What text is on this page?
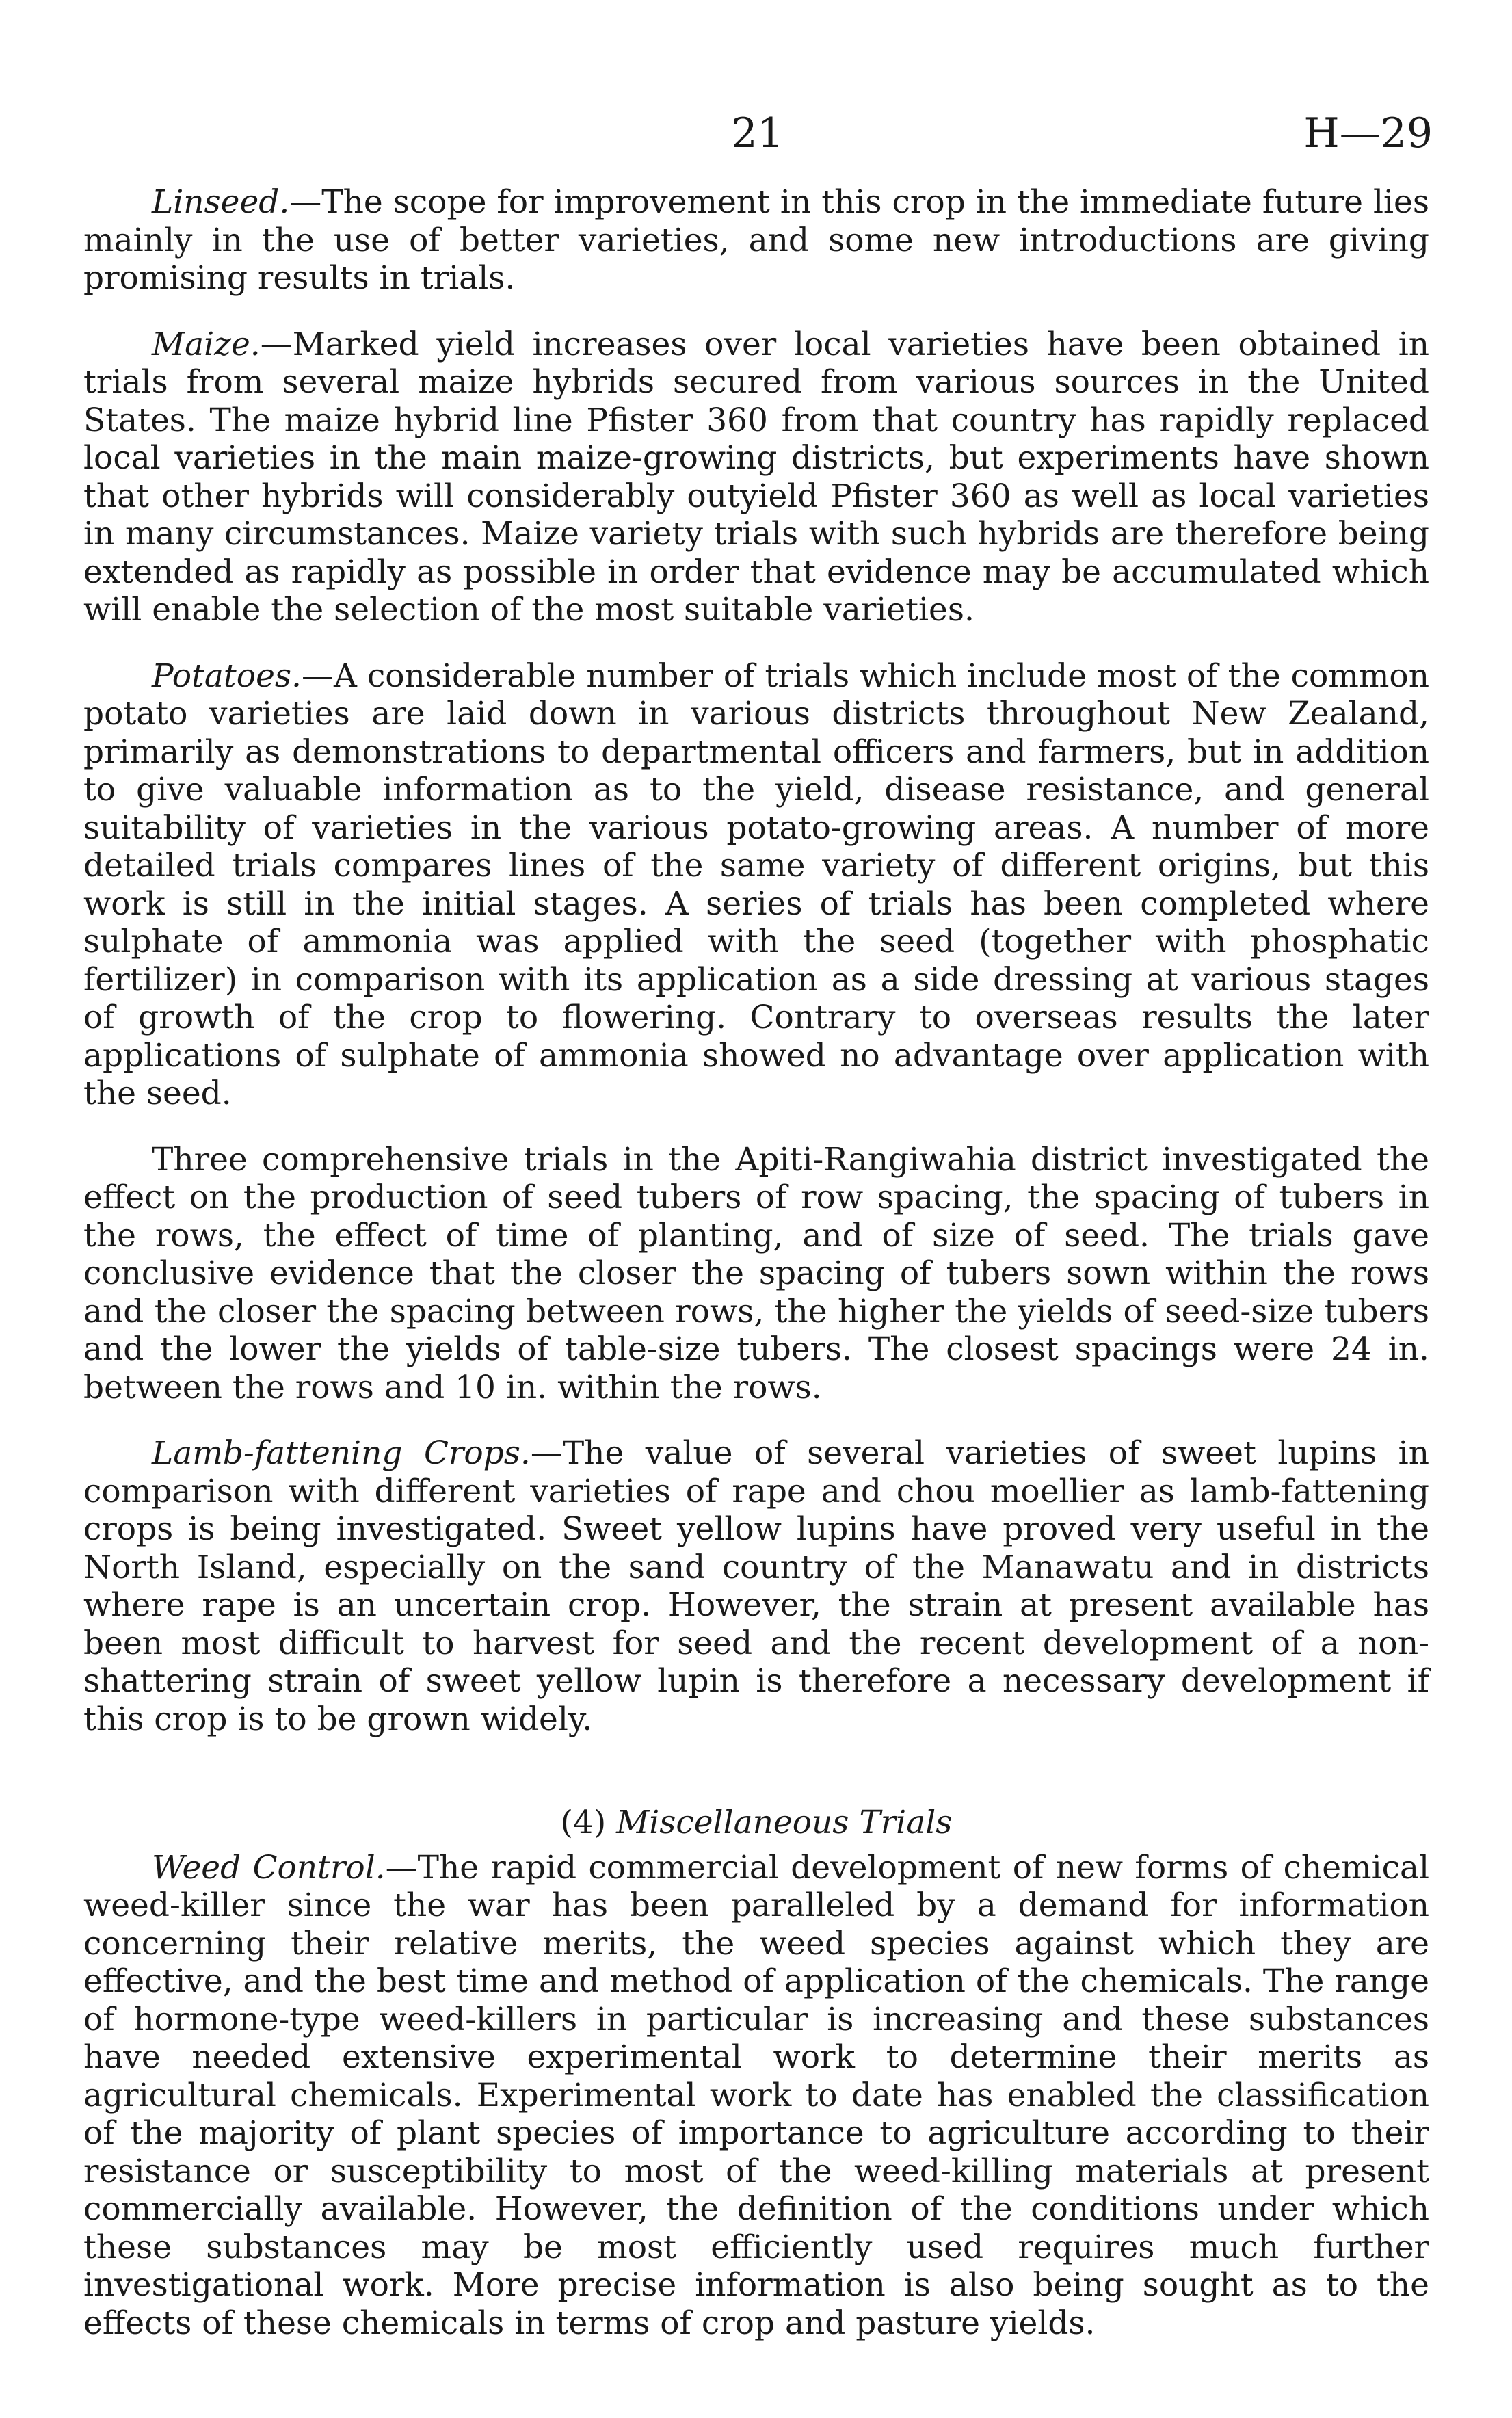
21	H—29

Linseed.—The scope for improvement in this crop in the immediate future lies mainly in the use of better varieties, and some new introductions are giving promising results in trials.

Maize.—Marked yield increases over local varieties have been obtained in trials from several maize hybrids secured from various sources in the United States. The maize hybrid line Pfister 360 from that country has rapidly replaced local varieties in the main maize-growing districts, but experiments have shown that other hybrids will considerably outyield Pfister 360 as well as local varieties in many circumstances. Maize variety trials with such hybrids are therefore being extended as rapidly as possible in order that evidence may be accumulated which will enable the selection of the most suitable varieties.

Potatoes.—A considerable number of trials which include most of the common potato varieties are laid down in various districts throughout New Zealand, primarily as demonstrations to departmental officers and farmers, but in addition to give valuable information as to the yield, disease resistance, and general suitability of varieties in the various potato-growing areas. A number of more detailed trials compares lines of the same variety of different origins, but this work is still in the initial stages. A series of trials has been completed where sulphate of ammonia was applied with the seed (together with phosphatic fertilizer) in comparison with its application as a side dressing at various stages of growth of the crop to flowering. Contrary to overseas results the later applications of sulphate of ammonia showed no advantage over application with the seed.

Three comprehensive trials in the Apiti-Rangiwahia district investigated the effect on the production of seed tubers of row spacing, the spacing of tubers in the rows, the effect of time of planting, and of size of seed. The trials gave conclusive evidence that the closer the spacing of tubers sown within the rows and the closer the spacing between rows, the higher the yields of seed-size tubers and the lower the yields of table-size tubers. The closest spacings were 24 in. between the rows and 10 in. within the rows.

Lamb-fattening Crops.—The value of several varieties of sweet lupins in comparison with different varieties of rape and chou moellier as lamb-fattening crops is being investigated. Sweet yellow lupins have proved very useful in the North Island, especially on the sand country of the Manawatu and in districts where rape is an uncertain crop. However, the strain at present available has been most difficult to harvest for seed and the recent development of a non-shattering strain of sweet yellow lupin is therefore a necessary development if this crop is to be grown widely.

(4) Miscellaneous Trials

Weed Control.—The rapid commercial development of new forms of chemical weed-killer since the war has been paralleled by a demand for information concerning their relative merits, the weed species against which they are effective, and the best time and method of application of the chemicals. The range of hormone-type weed-killers in particular is increasing and these substances have needed extensive experimental work to determine their merits as agricultural chemicals. Experimental work to date has enabled the classification of the majority of plant species of importance to agriculture according to their resistance or susceptibility to most of the weed-killing materials at present commercially available. However, the definition of the conditions under which these substances may be most efficiently used requires much further investigational work. More precise information is also being sought as to the effects of these chemicals in terms of crop and pasture yields.
